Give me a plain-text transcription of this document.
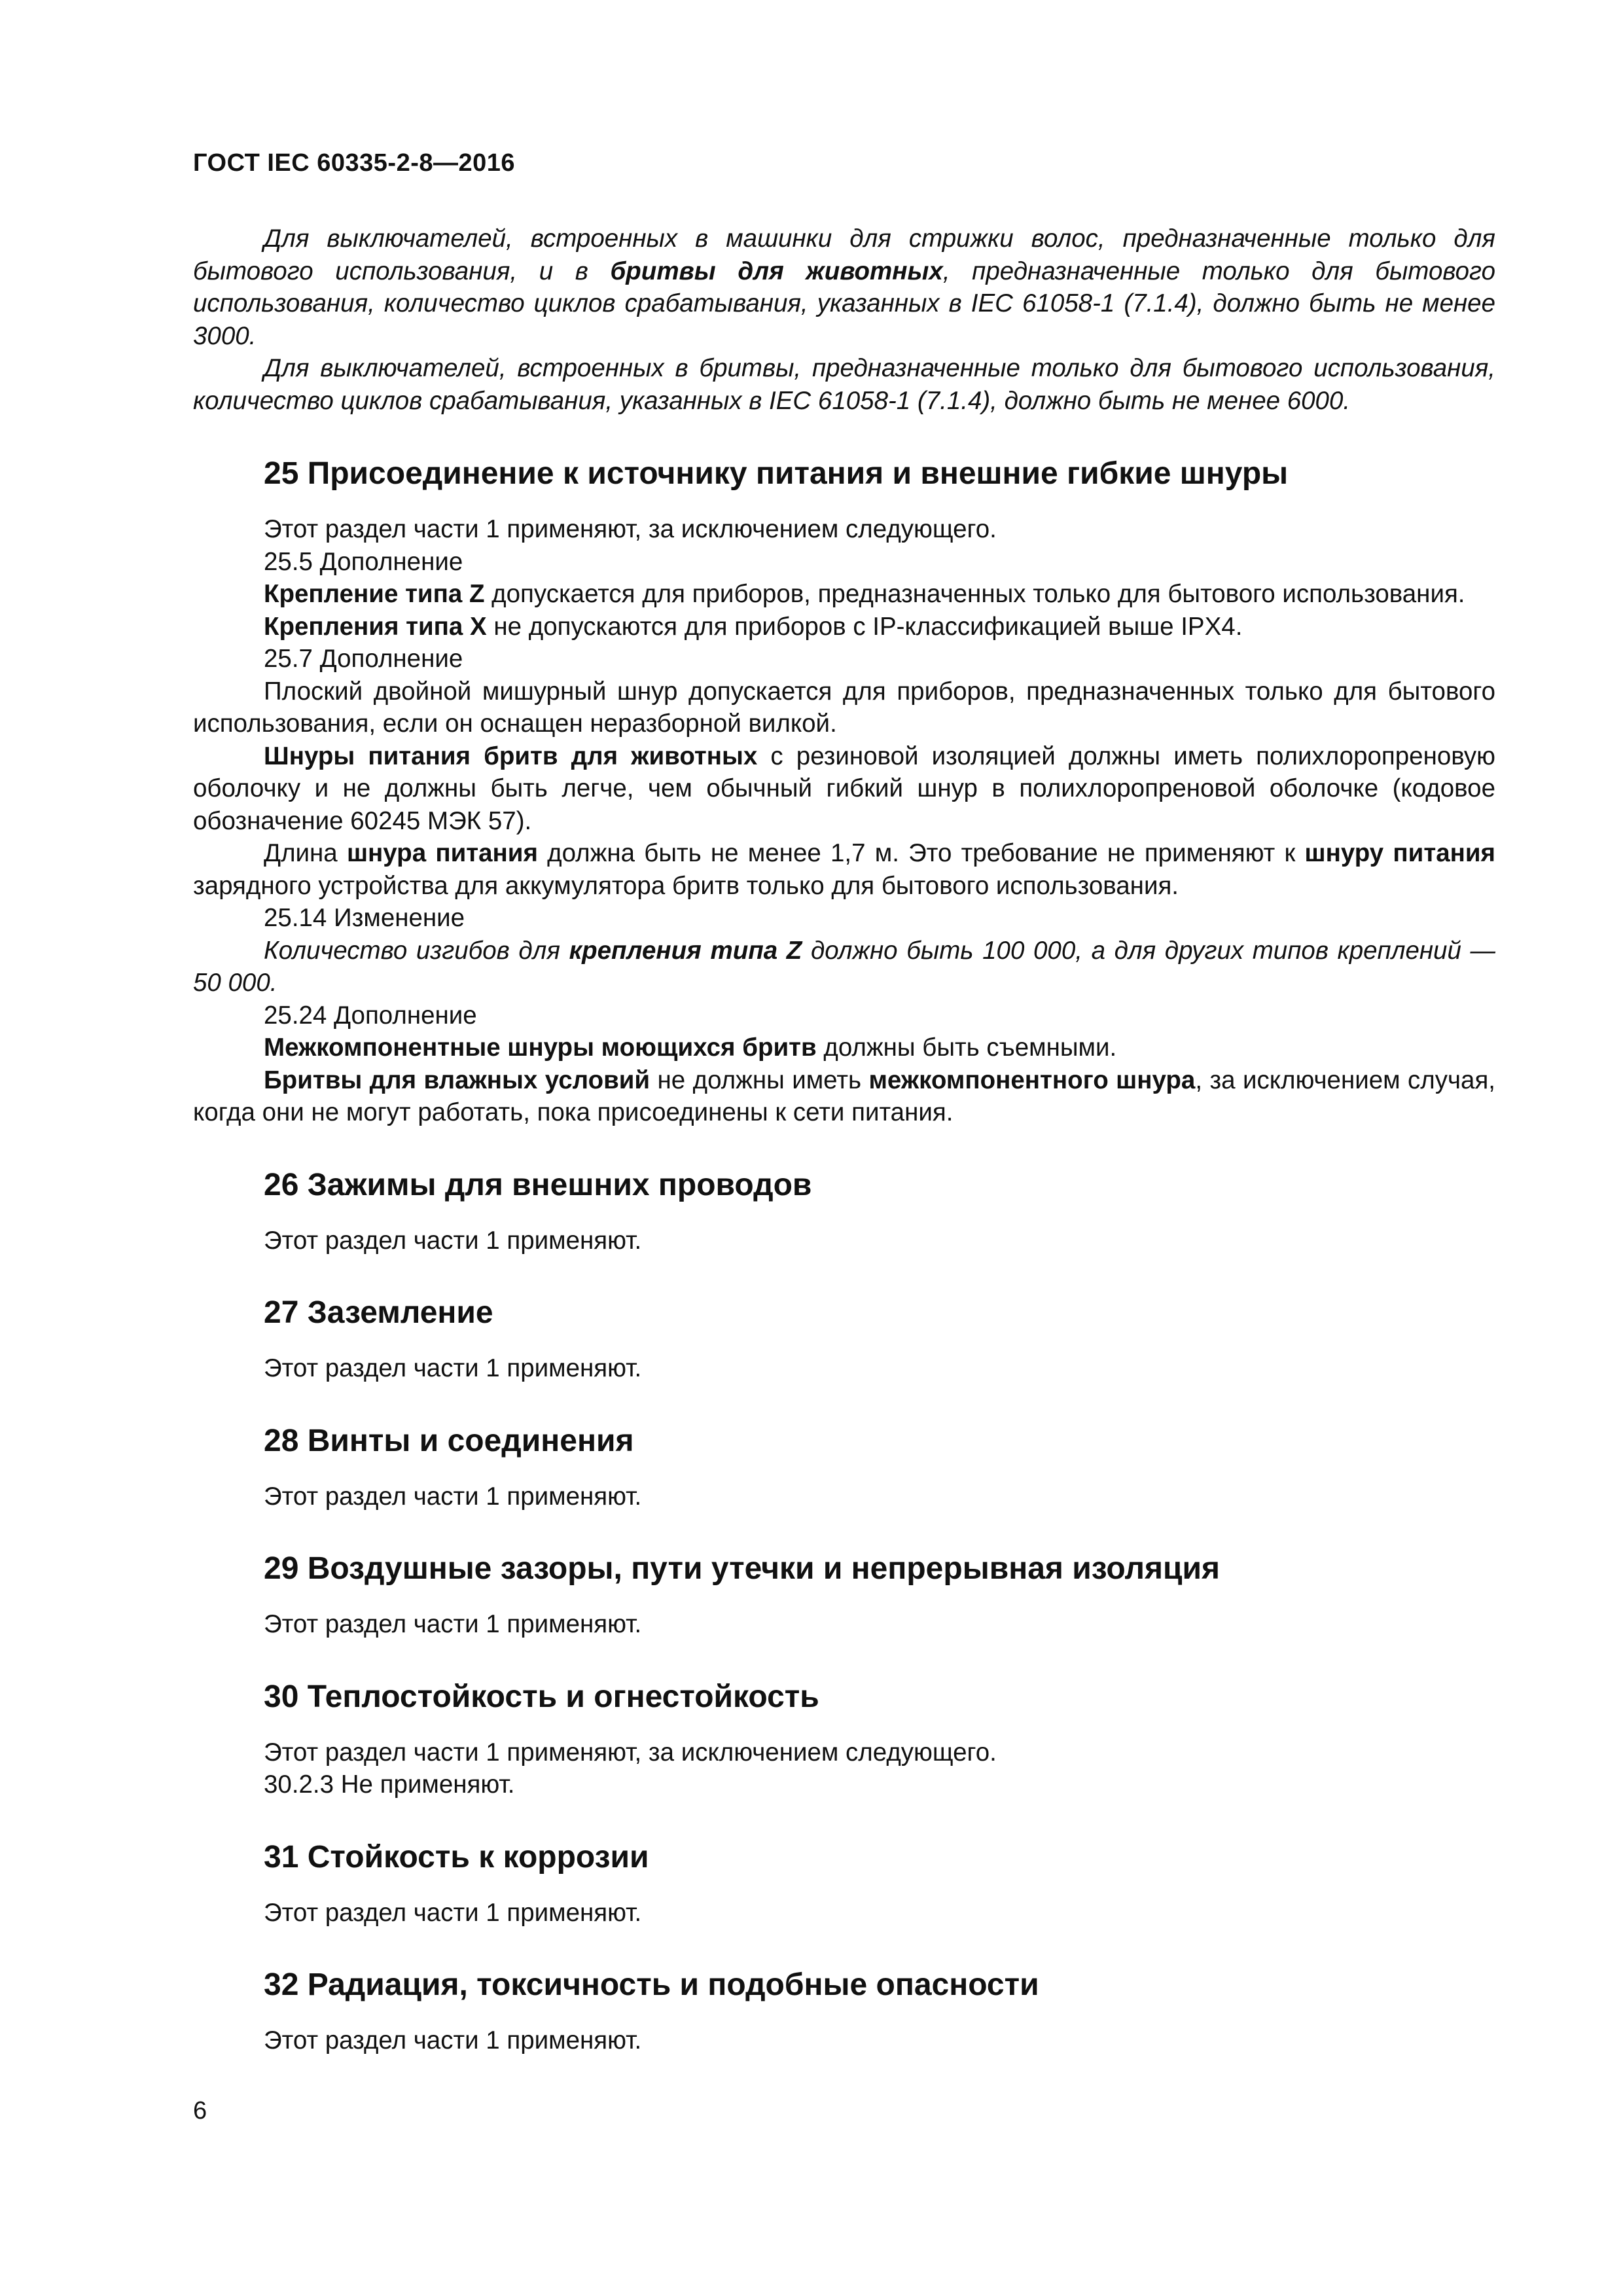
ГОСТ IEC 60335-2-8—2016

Для выключателей, встроенных в машинки для стрижки волос, предназначенные только для бытового использования, и в бритвы для животных, предназначенные только для бытового использования, количество циклов срабатывания, указанных в IEC 61058-1 (7.1.4), должно быть не менее 3000.

Для выключателей, встроенных в бритвы, предназначенные только для бытового использования, количество циклов срабатывания, указанных в IEC 61058-1 (7.1.4), должно быть не менее 6000.

25 Присоединение к источнику питания и внешние гибкие шнуры

Этот раздел части 1 применяют, за исключением следующего.

25.5 Дополнение

Крепление типа Z допускается для приборов, предназначенных только для бытового использования.

Крепления типа X не допускаются для приборов с IP-классификацией выше IPX4.

25.7 Дополнение

Плоский двойной мишурный шнур допускается для приборов, предназначенных только для бытового использования, если он оснащен неразборной вилкой.

Шнуры питания бритв для животных с резиновой изоляцией должны иметь полихлоропреновую оболочку и не должны быть легче, чем обычный гибкий шнур в полихлоропреновой оболочке (кодовое обозначение 60245 МЭК 57).

Длина шнура питания должна быть не менее 1,7 м. Это требование не применяют к шнуру питания зарядного устройства для аккумулятора бритв только для бытового использования.

25.14 Изменение

Количество изгибов для крепления типа Z должно быть 100 000, а для других типов креплений — 50 000.

25.24 Дополнение

Межкомпонентные шнуры моющихся бритв должны быть съемными.

Бритвы для влажных условий не должны иметь межкомпонентного шнура, за исключением случая, когда они не могут работать, пока присоединены к сети питания.

26 Зажимы для внешних проводов

Этот раздел части 1 применяют.

27 Заземление

Этот раздел части 1 применяют.

28 Винты и соединения

Этот раздел части 1 применяют.

29 Воздушные зазоры, пути утечки и непрерывная изоляция

Этот раздел части 1 применяют.

30 Теплостойкость и огнестойкость

Этот раздел части 1 применяют, за исключением следующего.

30.2.3 Не применяют.

31 Стойкость к коррозии

Этот раздел части 1 применяют.

32 Радиация, токсичность и подобные опасности

Этот раздел части 1 применяют.

6
